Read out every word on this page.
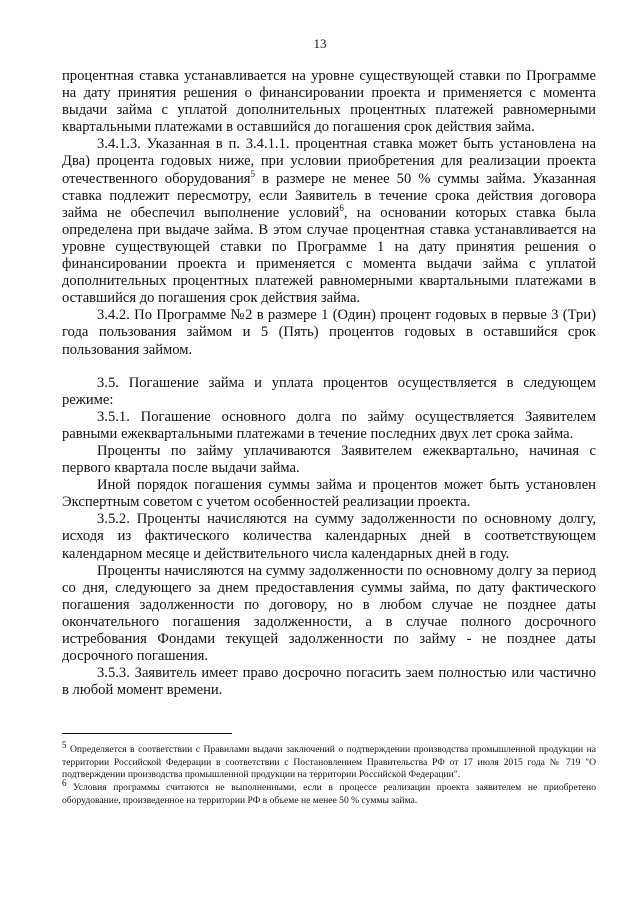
13

процентная ставка устанавливается на уровне существующей ставки по Программе на дату принятия решения о финансировании проекта и применяется с момента выдачи займа с уплатой дополнительных процентных платежей равномерными квартальными платежами в оставшийся до погашения срок действия займа.

3.4.1.3. Указанная в п. 3.4.1.1. процентная ставка может быть установлена на Два) процента годовых ниже, при условии приобретения для реализации проекта отечественного оборудования$^5$ в размере не менее 50 % суммы займа. Указанная ставка подлежит пересмотру, если Заявитель в течение срока действия договора займа не обеспечил выполнение условий$^6$, на основании которых ставка была определена при выдаче займа. В этом случае процентная ставка устанавливается на уровне существующей ставки по Программе 1 на дату принятия решения о финансировании проекта и применяется с момента выдачи займа с уплатой дополнительных процентных платежей равномерными квартальными платежами в оставшийся до погашения срок действия займа.

3.4.2. По Программе №2 в размере 1 (Один) процент годовых в первые 3 (Три) года пользования займом и 5 (Пять) процентов годовых в оставшийся срок пользования займом.

3.5. Погашение займа и уплата процентов осуществляется в следующем режиме:

3.5.1. Погашение основного долга по займу осуществляется Заявителем равными ежеквартальными платежами в течение последних двух лет срока займа.

Проценты по займу уплачиваются Заявителем ежеквартально, начиная с первого квартала после выдачи займа.

Иной порядок погашения суммы займа и процентов может быть установлен Экспертным советом с учетом особенностей реализации проекта.

3.5.2. Проценты начисляются на сумму задолженности по основному долгу, исходя из фактического количества календарных дней в соответствующем календарном месяце и действительного числа календарных дней в году.

Проценты начисляются на сумму задолженности по основному долгу за период со дня, следующего за днем предоставления суммы займа, по дату фактического погашения задолженности по договору, но в любом случае не позднее даты окончательного погашения задолженности, а в случае полного досрочного истребования Фондами текущей задолженности по займу - не позднее даты досрочного погашения.

3.5.3. Заявитель имеет право досрочно погасить заем полностью или частично в любой момент времени.

$^5$ Определяется в соответствии с Правилами выдачи заключений о подтверждении производства промышленной продукции на территории Российской Федерации в соответствии с Постановлением Правительства РФ от 17 июля 2015 года № 719 "О подтверждении производства промышленной продукции на территории Российской Федерации".

$^6$ Условия программы считаются не выполненными, если в процессе реализации проекта заявителем не приобретено оборудование, произведенное на территории РФ в объеме не менее 50 % суммы займа.
